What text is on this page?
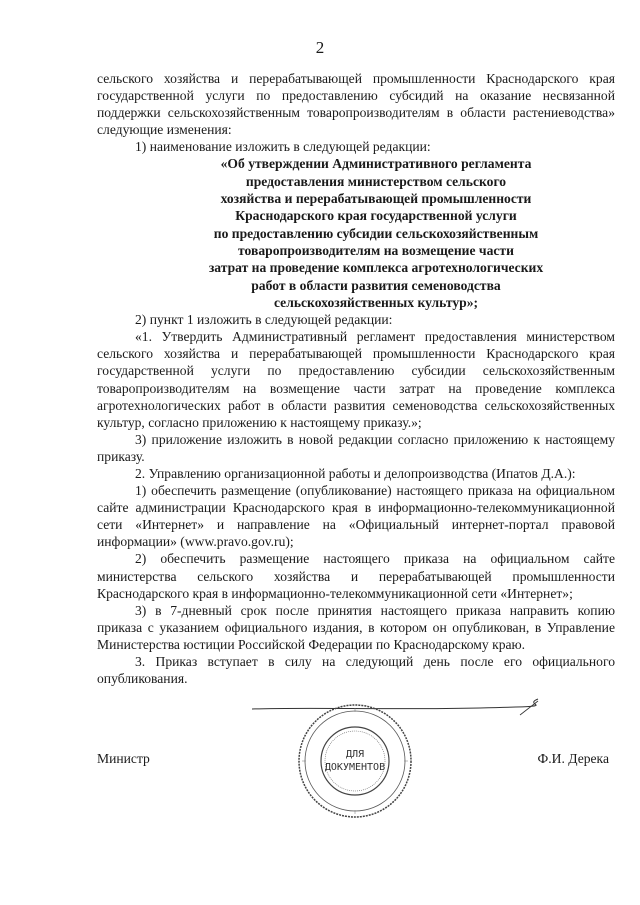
2

сельского хозяйства и перерабатывающей промышленности Краснодарского края государственной услуги по предоставлению субсидий на оказание несвязанной поддержки сельскохозяйственным товаропроизводителям в области растениеводства» следующие изменения:

1) наименование изложить в следующей редакции:

«Об утверждении Административного регламента
предоставления министерством сельского
хозяйства и перерабатывающей промышленности
Краснодарского края государственной услуги
по предоставлению субсидии сельскохозяйственным
товаропроизводителям на возмещение части
затрат на проведение комплекса агротехнологических
работ в области развития семеноводства
сельскохозяйственных культур»;

2) пункт 1 изложить в следующей редакции:

«1. Утвердить Административный регламент предоставления министерством сельского хозяйства и перерабатывающей промышленности Краснодарского края государственной услуги по предоставлению субсидии сельскохозяйственным товаропроизводителям на возмещение части затрат на проведение комплекса агротехнологических работ в области развития семеноводства сельскохозяйственных культур, согласно приложению к настоящему приказу.»;

3) приложение изложить в новой редакции согласно приложению к настоящему приказу.

2. Управлению организационной работы и делопроизводства (Ипатов Д.А.):

1) обеспечить размещение (опубликование) настоящего приказа на официальном сайте администрации Краснодарского края в информационно-телекоммуникационной сети «Интернет» и направление на «Официальный интернет-портал правовой информации» (www.pravo.gov.ru);

2) обеспечить размещение настоящего приказа на официальном сайте министерства сельского хозяйства и перерабатывающей промышленности Краснодарского края в информационно-телекоммуникационной сети «Интернет»;

3) в 7-дневный срок после принятия настоящего приказа направить копию приказа с указанием официального издания, в котором он опубликован, в Управление Министерства юстиции Российской Федерации по Краснодарскому краю.

3. Приказ вступает в силу на следующий день после его официального опубликования.

Министр	Ф.И. Дерека
ДЛЯ
ДОКУМЕНТОВ
